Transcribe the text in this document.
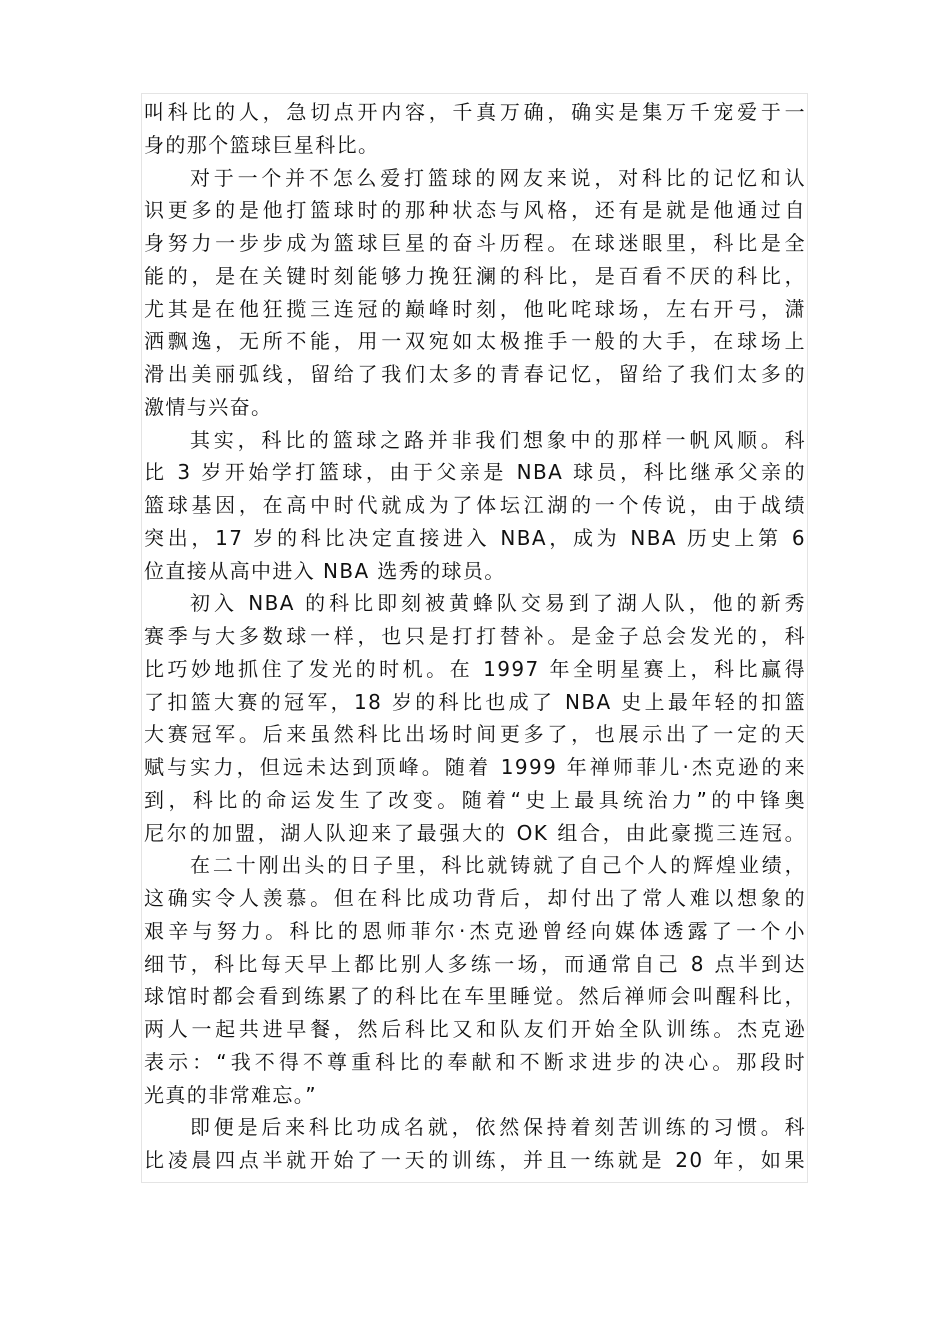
叫科比的人，急切点开内容，千真万确，确实是集万千宠爱于一
身的那个篮球巨星科比。
对于一个并不怎么爱打篮球的网友来说，对科比的记忆和认
识更多的是他打篮球时的那种状态与风格，还有是就是他通过自
身努力一步步成为篮球巨星的奋斗历程。在球迷眼里，科比是全
能的，是在关键时刻能够力挽狂澜的科比，是百看不厌的科比，
尤其是在他狂揽三连冠的巅峰时刻，他叱咤球场，左右开弓，潇
洒飘逸，无所不能，用一双宛如太极推手一般的大手，在球场上
滑出美丽弧线，留给了我们太多的青春记忆，留给了我们太多的
激情与兴奋。
其实，科比的篮球之路并非我们想象中的那样一帆风顺。科
比 3 岁开始学打篮球，由于父亲是 NBA 球员，科比继承父亲的
篮球基因，在高中时代就成为了体坛江湖的一个传说，由于战绩
突出，17 岁的科比决定直接进入 NBA，成为 NBA 历史上第 6
位直接从高中进入 NBA 选秀的球员。
初入 NBA 的科比即刻被黄蜂队交易到了湖人队，他的新秀
赛季与大多数球一样，也只是打打替补。是金子总会发光的，科
比巧妙地抓住了发光的时机。在 1997 年全明星赛上，科比赢得
了扣篮大赛的冠军，18 岁的科比也成了 NBA 史上最年轻的扣篮
大赛冠军。后来虽然科比出场时间更多了，也展示出了一定的天
赋与实力，但远未达到顶峰。随着 1999 年禅师菲儿·杰克逊的来
到，科比的命运发生了改变。随着“史上最具统治力”的中锋奥
尼尔的加盟，湖人队迎来了最强大的 OK 组合，由此豪揽三连冠。
在二十刚出头的日子里，科比就铸就了自己个人的辉煌业绩，
这确实令人羡慕。但在科比成功背后，却付出了常人难以想象的
艰辛与努力。科比的恩师菲尔·杰克逊曾经向媒体透露了一个小
细节，科比每天早上都比别人多练一场，而通常自己 8 点半到达
球馆时都会看到练累了的科比在车里睡觉。然后禅师会叫醒科比，
两人一起共进早餐，然后科比又和队友们开始全队训练。杰克逊
表示：“我不得不尊重科比的奉献和不断求进步的决心。那段时
光真的非常难忘。”
即便是后来科比功成名就，依然保持着刻苦训练的习惯。科
比凌晨四点半就开始了一天的训练，并且一练就是 20 年，如果
